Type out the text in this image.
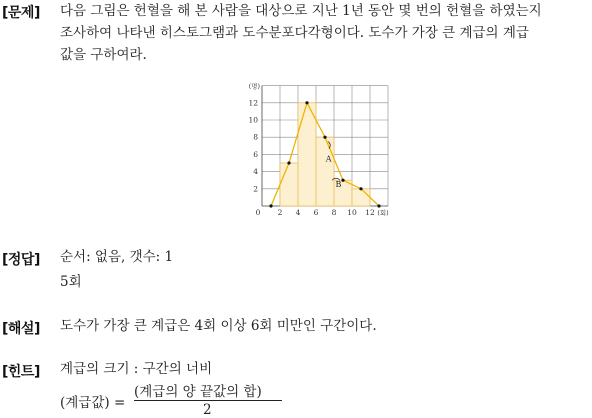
[문제] 다음 그림은 헌혈을 해 본 사람을 대상으로 지난 1년 동안 몇 번의 헌혈을 하였는지
조사하여 나타낸 히스토그램과 도수분포다각형이다. 도수가 가장 큰 계급의 계급
값을 구하여라.
2
4
6
8
10
12
0 2 4 6 8 10 12
(명)
(회)
A
B
[정답] 순서: 없음, 갯수: 1
5회
[해설] 도수가 가장 큰 계급은 4회 이상 6회 미만인 구간이다.
[힌트] 계급의 크기 : 구간의 너비
(계급값) =
(계급의 양 끝값의 합)
2
